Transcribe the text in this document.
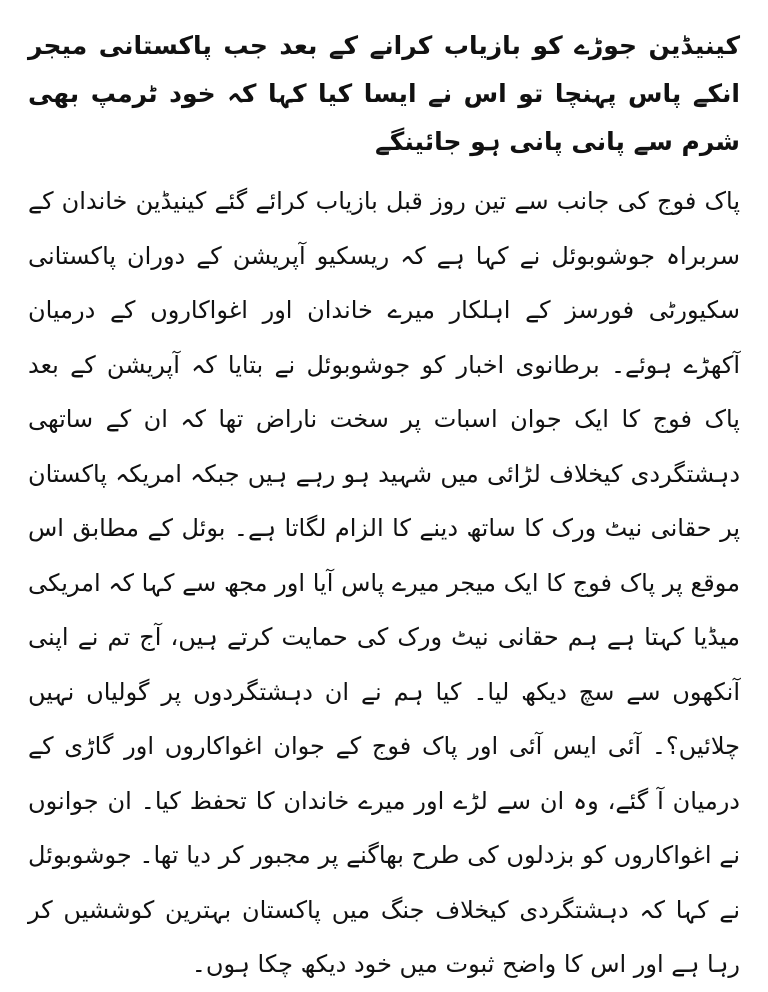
کینیڈین جوڑے کو بازیاب کرانے کے بعد جب پاکستانی میجر انکے پاس پہنچا تو اس نے ایسا کیا کہا کہ خود ٹرمپ بھی شرم سے پانی پانی ہو جائینگے

پاک فوج کی جانب سے تین روز قبل بازیاب کرائے گئے کینیڈین خاندان کے سربراہ جوشوبوئل نے کہا ہے کہ ریسکیو آپریشن کے دوران پاکستانی سکیورٹی فورسز کے اہلکار میرے خاندان اور اغواکاروں کے درمیان آکھڑے ہوئے۔ برطانوی اخبار کو جوشوبوئل نے بتایا کہ آپریشن کے بعد پاک فوج کا ایک جوان اسبات پر سخت ناراض تھا کہ ان کے ساتھی دہشتگردی کیخلاف لڑائی میں شہید ہو رہے ہیں جبکہ امریکہ پاکستان پر حقانی نیٹ ورک کا ساتھ دینے کا الزام لگاتا ہے۔ بوئل کے مطابق اس موقع پر پاک فوج کا ایک میجر میرے پاس آیا اور مجھ سے کہا کہ امریکی میڈیا کہتا ہے ہم حقانی نیٹ ورک کی حمایت کرتے ہیں، آج تم نے اپنی آنکھوں سے سچ دیکھ لیا۔ کیا ہم نے ان دہشتگردوں پر گولیاں نہیں چلائیں؟۔ آئی ایس آئی اور پاک فوج کے جوان اغواکاروں اور گاڑی کے درمیان آ گئے، وہ ان سے لڑے اور میرے خاندان کا تحفظ کیا۔ ان جوانوں نے اغواکاروں کو بزدلوں کی طرح بھاگنے پر مجبور کر دیا تھا۔ جوشوبوئل نے کہا کہ دہشتگردی کیخلاف جنگ میں پاکستان بہترین کوششیں کر رہا ہے اور اس کا واضح ثبوت میں خود دیکھ چکا ہوں۔
